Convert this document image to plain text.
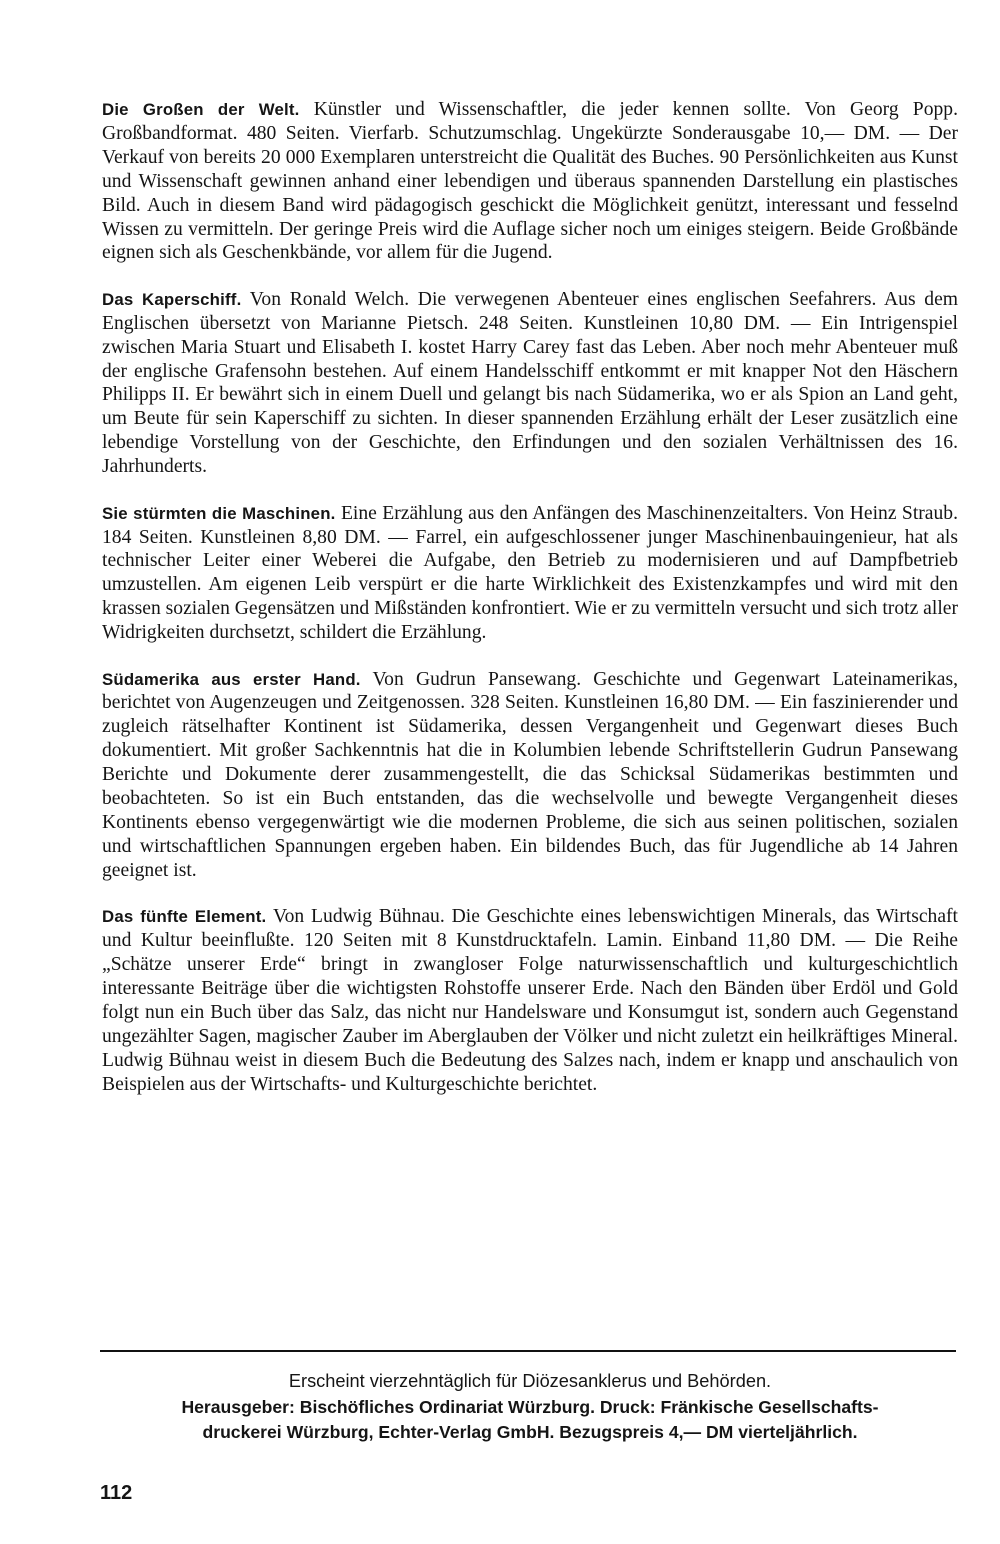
Die Großen der Welt. Künstler und Wissenschaftler, die jeder kennen sollte. Von Georg Popp. Großbandformat. 480 Seiten. Vierfarb. Schutzumschlag. Ungekürzte Sonderausgabe 10,— DM. — Der Verkauf von bereits 20 000 Exemplaren unterstreicht die Qualität des Buches. 90 Persönlichkeiten aus Kunst und Wissenschaft gewinnen anhand einer lebendigen und überaus spannenden Darstellung ein plastisches Bild. Auch in diesem Band wird pädagogisch geschickt die Möglichkeit genützt, interessant und fesselnd Wissen zu vermitteln. Der geringe Preis wird die Auflage sicher noch um einiges steigern. Beide Großbände eignen sich als Geschenkbände, vor allem für die Jugend.

Das Kaperschiff. Von Ronald Welch. Die verwegenen Abenteuer eines englischen Seefahrers. Aus dem Englischen übersetzt von Marianne Pietsch. 248 Seiten. Kunstleinen 10,80 DM. — Ein Intrigenspiel zwischen Maria Stuart und Elisabeth I. kostet Harry Carey fast das Leben. Aber noch mehr Abenteuer muß der englische Grafensohn bestehen. Auf einem Handelsschiff entkommt er mit knapper Not den Häschern Philipps II. Er bewährt sich in einem Duell und gelangt bis nach Südamerika, wo er als Spion an Land geht, um Beute für sein Kaperschiff zu sichten. In dieser spannenden Erzählung erhält der Leser zusätzlich eine lebendige Vorstellung von der Geschichte, den Erfindungen und den sozialen Verhältnissen des 16. Jahrhunderts.

Sie stürmten die Maschinen. Eine Erzählung aus den Anfängen des Maschinenzeitalters. Von Heinz Straub. 184 Seiten. Kunstleinen 8,80 DM. — Farrel, ein aufgeschlossener junger Maschinenbauingenieur, hat als technischer Leiter einer Weberei die Aufgabe, den Betrieb zu modernisieren und auf Dampfbetrieb umzustellen. Am eigenen Leib verspürt er die harte Wirklichkeit des Existenzkampfes und wird mit den krassen sozialen Gegensätzen und Mißständen konfrontiert. Wie er zu vermitteln versucht und sich trotz aller Widrigkeiten durchsetzt, schildert die Erzählung.

Südamerika aus erster Hand. Von Gudrun Pansewang. Geschichte und Gegenwart Lateinamerikas, berichtet von Augenzeugen und Zeitgenossen. 328 Seiten. Kunstleinen 16,80 DM. — Ein faszinierender und zugleich rätselhafter Kontinent ist Südamerika, dessen Vergangenheit und Gegenwart dieses Buch dokumentiert. Mit großer Sachkenntnis hat die in Kolumbien lebende Schriftstellerin Gudrun Pansewang Berichte und Dokumente derer zusammengestellt, die das Schicksal Südamerikas bestimmten und beobachteten. So ist ein Buch entstanden, das die wechselvolle und bewegte Vergangenheit dieses Kontinents ebenso vergegenwärtigt wie die modernen Probleme, die sich aus seinen politischen, sozialen und wirtschaftlichen Spannungen ergeben haben. Ein bildendes Buch, das für Jugendliche ab 14 Jahren geeignet ist.

Das fünfte Element. Von Ludwig Bühnau. Die Geschichte eines lebenswichtigen Minerals, das Wirtschaft und Kultur beeinflußte. 120 Seiten mit 8 Kunstdrucktafeln. Lamin. Einband 11,80 DM. — Die Reihe „Schätze unserer Erde“ bringt in zwangloser Folge naturwissenschaftlich und kulturgeschichtlich interessante Beiträge über die wichtigsten Rohstoffe unserer Erde. Nach den Bänden über Erdöl und Gold folgt nun ein Buch über das Salz, das nicht nur Handelsware und Konsumgut ist, sondern auch Gegenstand ungezählter Sagen, magischer Zauber im Aberglauben der Völker und nicht zuletzt ein heilkräftiges Mineral. Ludwig Bühnau weist in diesem Buch die Bedeutung des Salzes nach, indem er knapp und anschaulich von Beispielen aus der Wirtschafts- und Kulturgeschichte berichtet.

Erscheint vierzehntäglich für Diözesanklerus und Behörden.
Herausgeber: Bischöfliches Ordinariat Würzburg. Druck: Fränkische Gesellschafts-
druckerei Würzburg, Echter-Verlag GmbH. Bezugspreis 4,— DM vierteljährlich.
112
